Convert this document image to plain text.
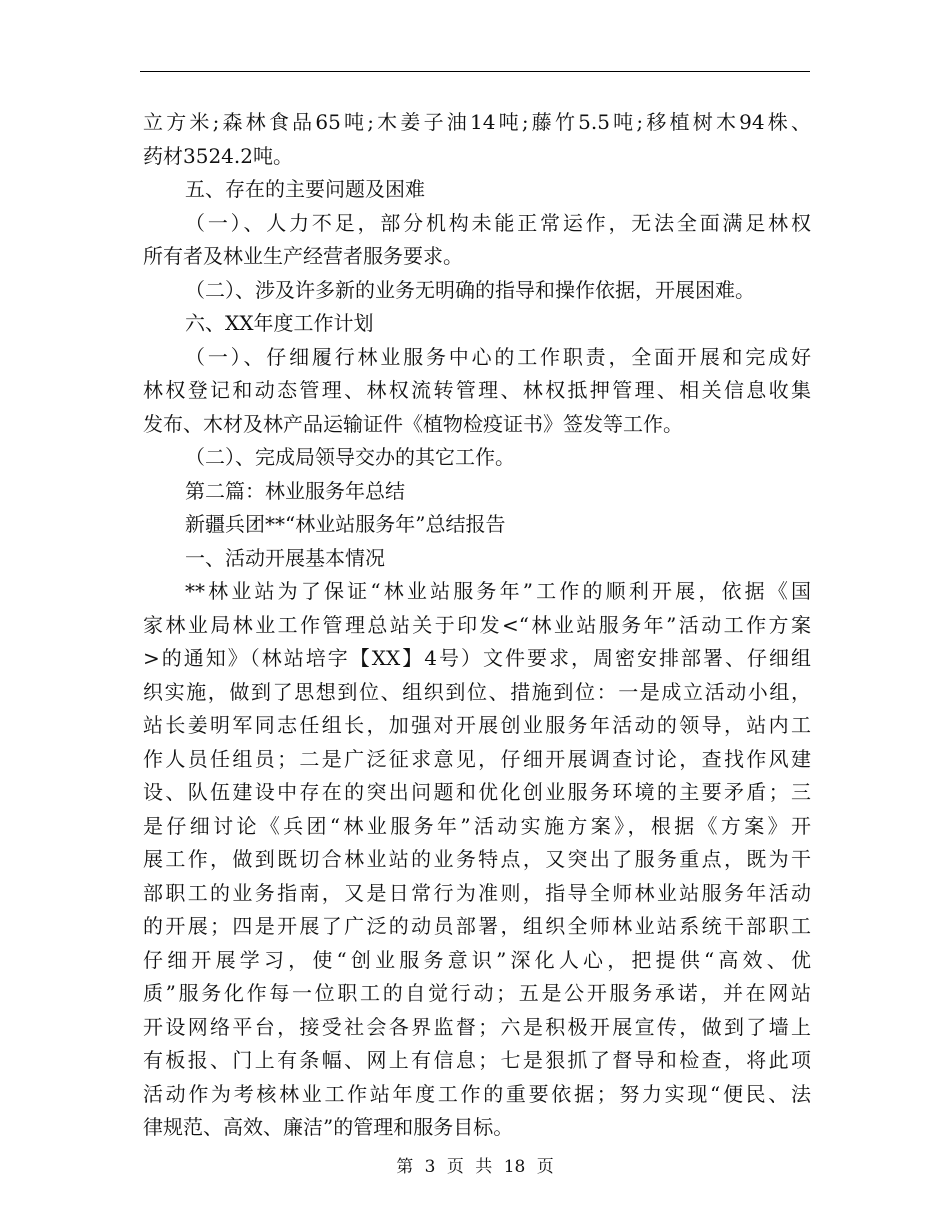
立方米;森林食品65吨;木姜子油14吨;藤竹5.5吨;移植树木94株、
药材3524.2吨。
五、存在的主要问题及困难
（一）、人力不足，部分机构未能正常运作，无法全面满足林权
所有者及林业生产经营者服务要求。
（二）、涉及许多新的业务无明确的指导和操作依据，开展困难。
六、XX年度工作计划
（一）、仔细履行林业服务中心的工作职责，全面开展和完成好
林权登记和动态管理、林权流转管理、林权抵押管理、相关信息收集
发布、木材及林产品运输证件《植物检疫证书》签发等工作。
（二）、完成局领导交办的其它工作。
第二篇：林业服务年总结
新疆兵团**“林业站服务年”总结报告
一、活动开展基本情况
**林业站为了保证“林业站服务年”工作的顺利开展，依据《国
家林业局林业工作管理总站关于印发<“林业站服务年”活动工作方案
>的通知》（林站培字【XX】4号）文件要求，周密安排部署、仔细组
织实施，做到了思想到位、组织到位、措施到位：一是成立活动小组，
站长姜明军同志任组长，加强对开展创业服务年活动的领导，站内工
作人员任组员；二是广泛征求意见，仔细开展调查讨论，查找作风建
设、队伍建设中存在的突出问题和优化创业服务环境的主要矛盾；三
是仔细讨论《兵团“林业服务年”活动实施方案》，根据《方案》开
展工作，做到既切合林业站的业务特点，又突出了服务重点，既为干
部职工的业务指南，又是日常行为准则，指导全师林业站服务年活动
的开展；四是开展了广泛的动员部署，组织全师林业站系统干部职工
仔细开展学习，使“创业服务意识”深化人心，把提供“高效、优
质”服务化作每一位职工的自觉行动；五是公开服务承诺，并在网站
开设网络平台，接受社会各界监督；六是积极开展宣传，做到了墙上
有板报、门上有条幅、网上有信息；七是狠抓了督导和检查，将此项
活动作为考核林业工作站年度工作的重要依据；努力实现“便民、法
律规范、高效、廉洁”的管理和服务目标。
第 3 页 共 18 页
